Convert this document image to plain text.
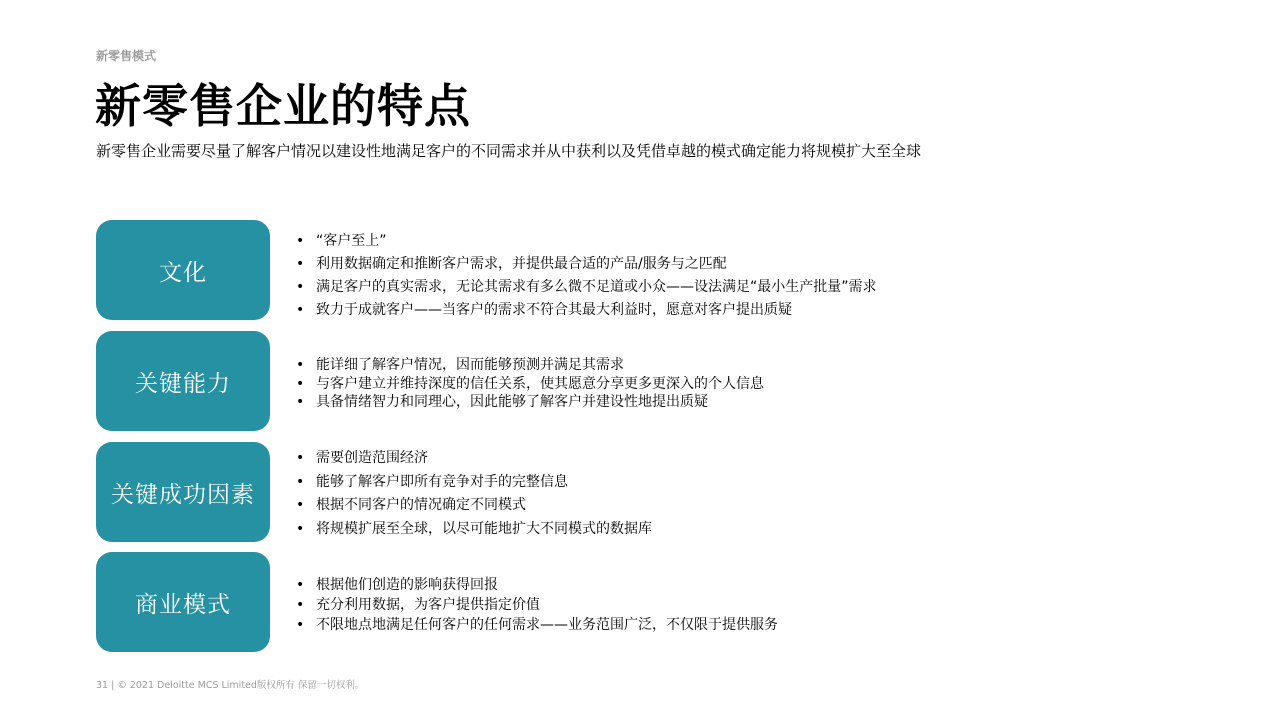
新零售模式
新零售企业的特点
新零售企业需要尽量了解客户情况以建设性地满足客户的不同需求并从中获利以及凭借卓越的模式确定能力将规模扩大至全球
文化
• “客户至上”
• 利用数据确定和推断客户需求，并提供最合适的产品/服务与之匹配
• 满足客户的真实需求，无论其需求有多么微不足道或小众——设法满足“最小生产批量”需求
• 致力于成就客户——当客户的需求不符合其最大利益时，愿意对客户提出质疑
关键能力
• 能详细了解客户情况，因而能够预测并满足其需求
• 与客户建立并维持深度的信任关系，使其愿意分享更多更深入的个人信息
• 具备情绪智力和同理心，因此能够了解客户并建设性地提出质疑
关键成功因素
• 需要创造范围经济
• 能够了解客户即所有竞争对手的完整信息
• 根据不同客户的情况确定不同模式
• 将规模扩展至全球，以尽可能地扩大不同模式的数据库
商业模式
• 根据他们创造的影响获得回报
• 充分利用数据，为客户提供指定价值
• 不限地点地满足任何客户的任何需求——业务范围广泛，不仅限于提供服务
31 | © 2021 Deloitte MCS Limited版权所有 保留一切权利。
